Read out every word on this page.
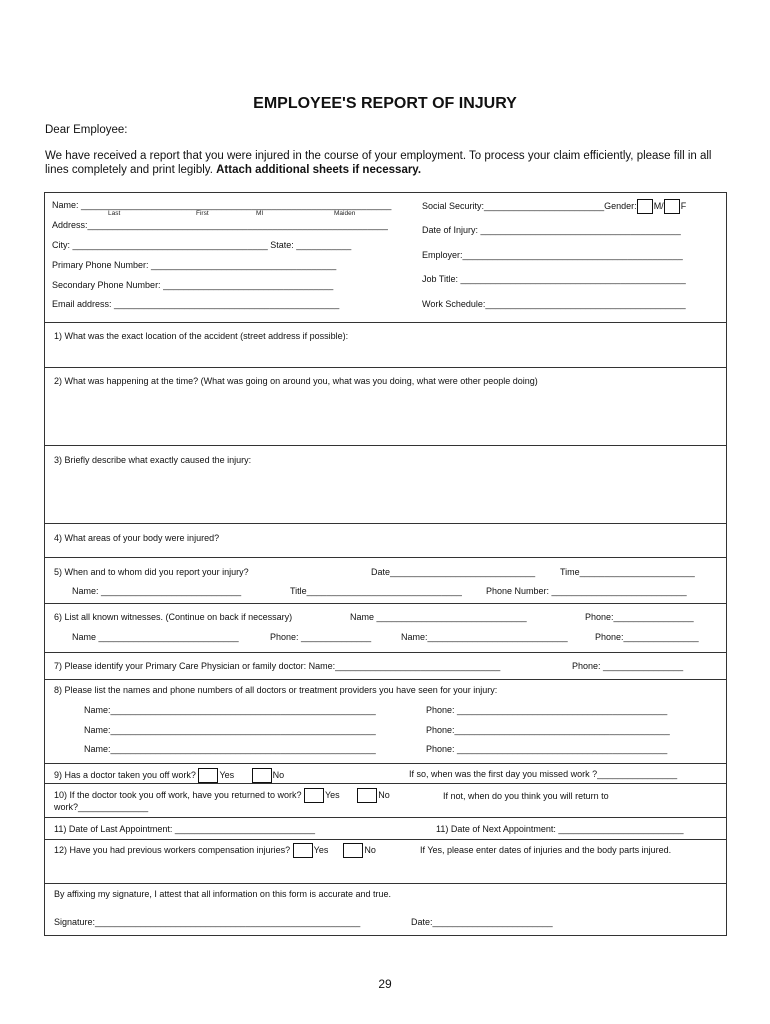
EMPLOYEE'S REPORT OF INJURY
Dear Employee:
We have received a report that you were injured in the course of your employment. To process your claim efficiently, please fill in all lines completely and print legibly. Attach additional sheets if necessary.
Name: ______________________________________________________________
Last	First	MI	Maiden
Address:____________________________________________________________
City: _______________________________________ State: ___________
Primary Phone Number: _____________________________________
Secondary Phone Number: __________________________________
Email address: _____________________________________________
Social Security:________________________Gender: M/ F
Date of Injury: ________________________________________
Employer:____________________________________________
Job Title: _____________________________________________
Work Schedule:________________________________________
1) What was the exact location of the accident (street address if possible):
2) What was happening at the time? (What was going on around you, what was you doing, what were other people doing)
3) Briefly describe what exactly caused the injury:
4) What areas of your body were injured?
5) When and to whom did you report your injury?	Date_____________________________	Time_______________________
Name: ____________________________	Title_______________________________	Phone Number: ___________________________
6) List all known witnesses. (Continue on back if necessary)	Name ______________________________	Phone:________________
Name ____________________________	Phone: ______________	Name:____________________________	Phone:_______________
7) Please identify your Primary Care Physician or family doctor: Name:_________________________________	Phone: ________________
8) Please list the names and phone numbers of all doctors or treatment providers you have seen for your injury:
Name:_____________________________________________________	Phone: __________________________________________
Name:_____________________________________________________	Phone:___________________________________________
Name:_____________________________________________________	Phone: __________________________________________
9) Has a doctor taken you off work?	Yes	No	If so, when was the first day you missed work ?________________
10) If the doctor took you off work, have you returned to work?	Yes	No	If not, when do you think you will return to
work?______________
11) Date of Last Appointment: ____________________________	11) Date of Next Appointment: _________________________
12) Have you had previous workers compensation injuries?	Yes	No	If Yes, please enter dates of injuries and the body parts injured.
By affixing my signature, I attest that all information on this form is accurate and true.
Signature:_____________________________________________________	Date:________________________
29
